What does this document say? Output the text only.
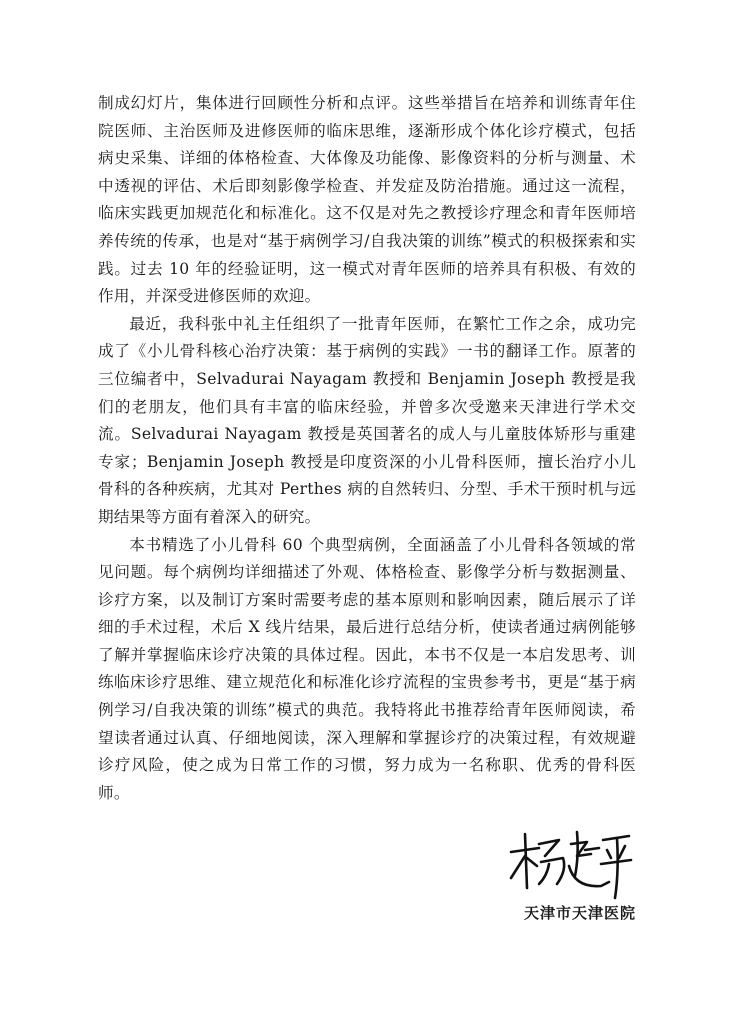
制成幻灯片，集体进行回顾性分析和点评。这些举措旨在培养和训练青年住院医师、主治医师及进修医师的临床思维，逐渐形成个体化诊疗模式，包括病史采集、详细的体格检查、大体像及功能像、影像资料的分析与测量、术中透视的评估、术后即刻影像学检查、并发症及防治措施。通过这一流程，临床实践更加规范化和标准化。这不仅是对先之教授诊疗理念和青年医师培养传统的传承，也是对“基于病例学习/自我决策的训练”模式的积极探索和实践。过去 10 年的经验证明，这一模式对青年医师的培养具有积极、有效的作用，并深受进修医师的欢迎。

最近，我科张中礼主任组织了一批青年医师，在繁忙工作之余，成功完成了《小儿骨科核心治疗决策：基于病例的实践》一书的翻译工作。原著的三位编者中，Selvadurai Nayagam 教授和 Benjamin Joseph 教授是我们的老朋友，他们具有丰富的临床经验，并曾多次受邀来天津进行学术交流。Selvadurai Nayagam 教授是英国著名的成人与儿童肢体矫形与重建专家；Benjamin Joseph 教授是印度资深的小儿骨科医师，擅长治疗小儿骨科的各种疾病，尤其对 Perthes 病的自然转归、分型、手术干预时机与远期结果等方面有着深入的研究。

本书精选了小儿骨科 60 个典型病例，全面涵盖了小儿骨科各领域的常见问题。每个病例均详细描述了外观、体格检查、影像学分析与数据测量、诊疗方案，以及制订方案时需要考虑的基本原则和影响因素，随后展示了详细的手术过程，术后 X 线片结果，最后进行总结分析，使读者通过病例能够了解并掌握临床诊疗决策的具体过程。因此，本书不仅是一本启发思考、训练临床诊疗思维、建立规范化和标准化诊疗流程的宝贵参考书，更是“基于病例学习/自我决策的训练”模式的典范。我特将此书推荐给青年医师阅读，希望读者通过认真、仔细地阅读，深入理解和掌握诊疗的决策过程，有效规避诊疗风险，使之成为日常工作的习惯，努力成为一名称职、优秀的骨科医师。

天津市天津医院
